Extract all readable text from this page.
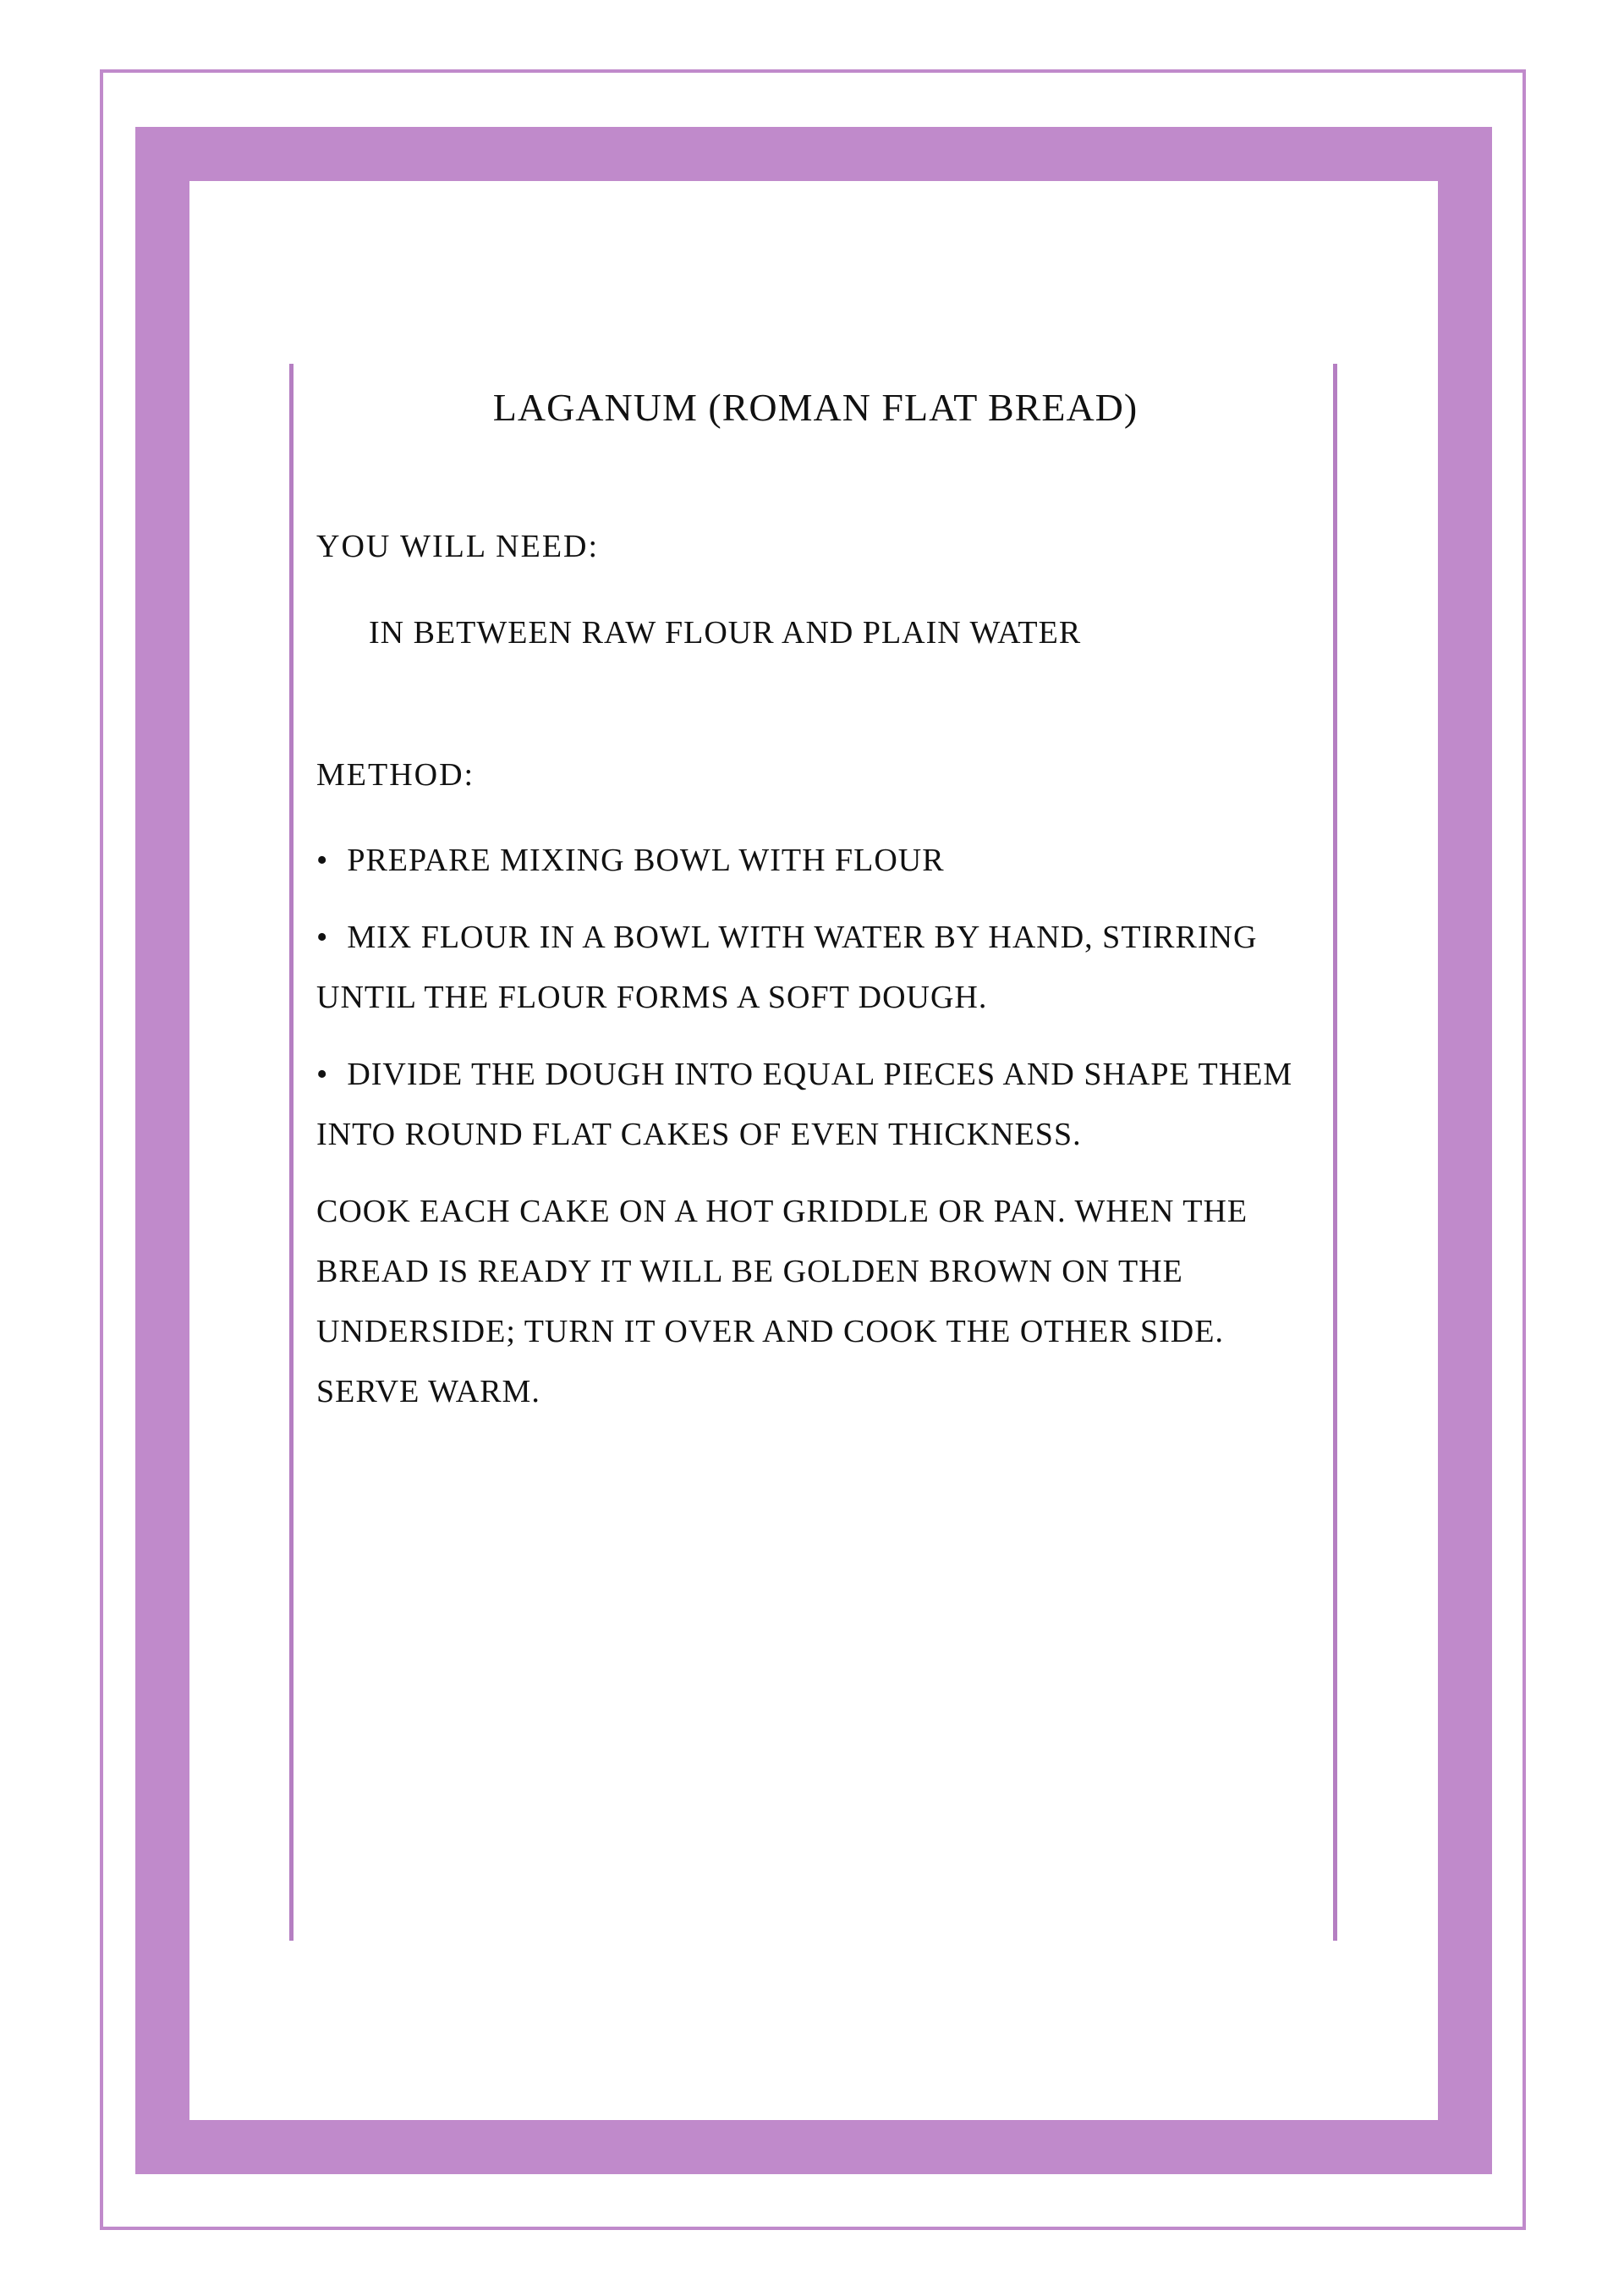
LAGANUM (ROMAN FLAT BREAD)
YOU WILL NEED:
IN BETWEEN RAW FLOUR AND PLAIN WATER
METHOD:

• PREPARE MIXING BOWL WITH FLOUR

• MIX FLOUR IN A BOWL WITH WATER BY HAND, STIRRING UNTIL THE FLOUR FORMS A SOFT DOUGH.

• DIVIDE THE DOUGH INTO EQUAL PIECES AND SHAPE THEM INTO ROUND FLAT CAKES OF EVEN THICKNESS.

COOK EACH CAKE ON A HOT GRIDDLE OR PAN. WHEN THE BREAD IS READY IT WILL BE GOLDEN BROWN ON THE UNDERSIDE; TURN IT OVER AND COOK THE OTHER SIDE. SERVE WARM.
